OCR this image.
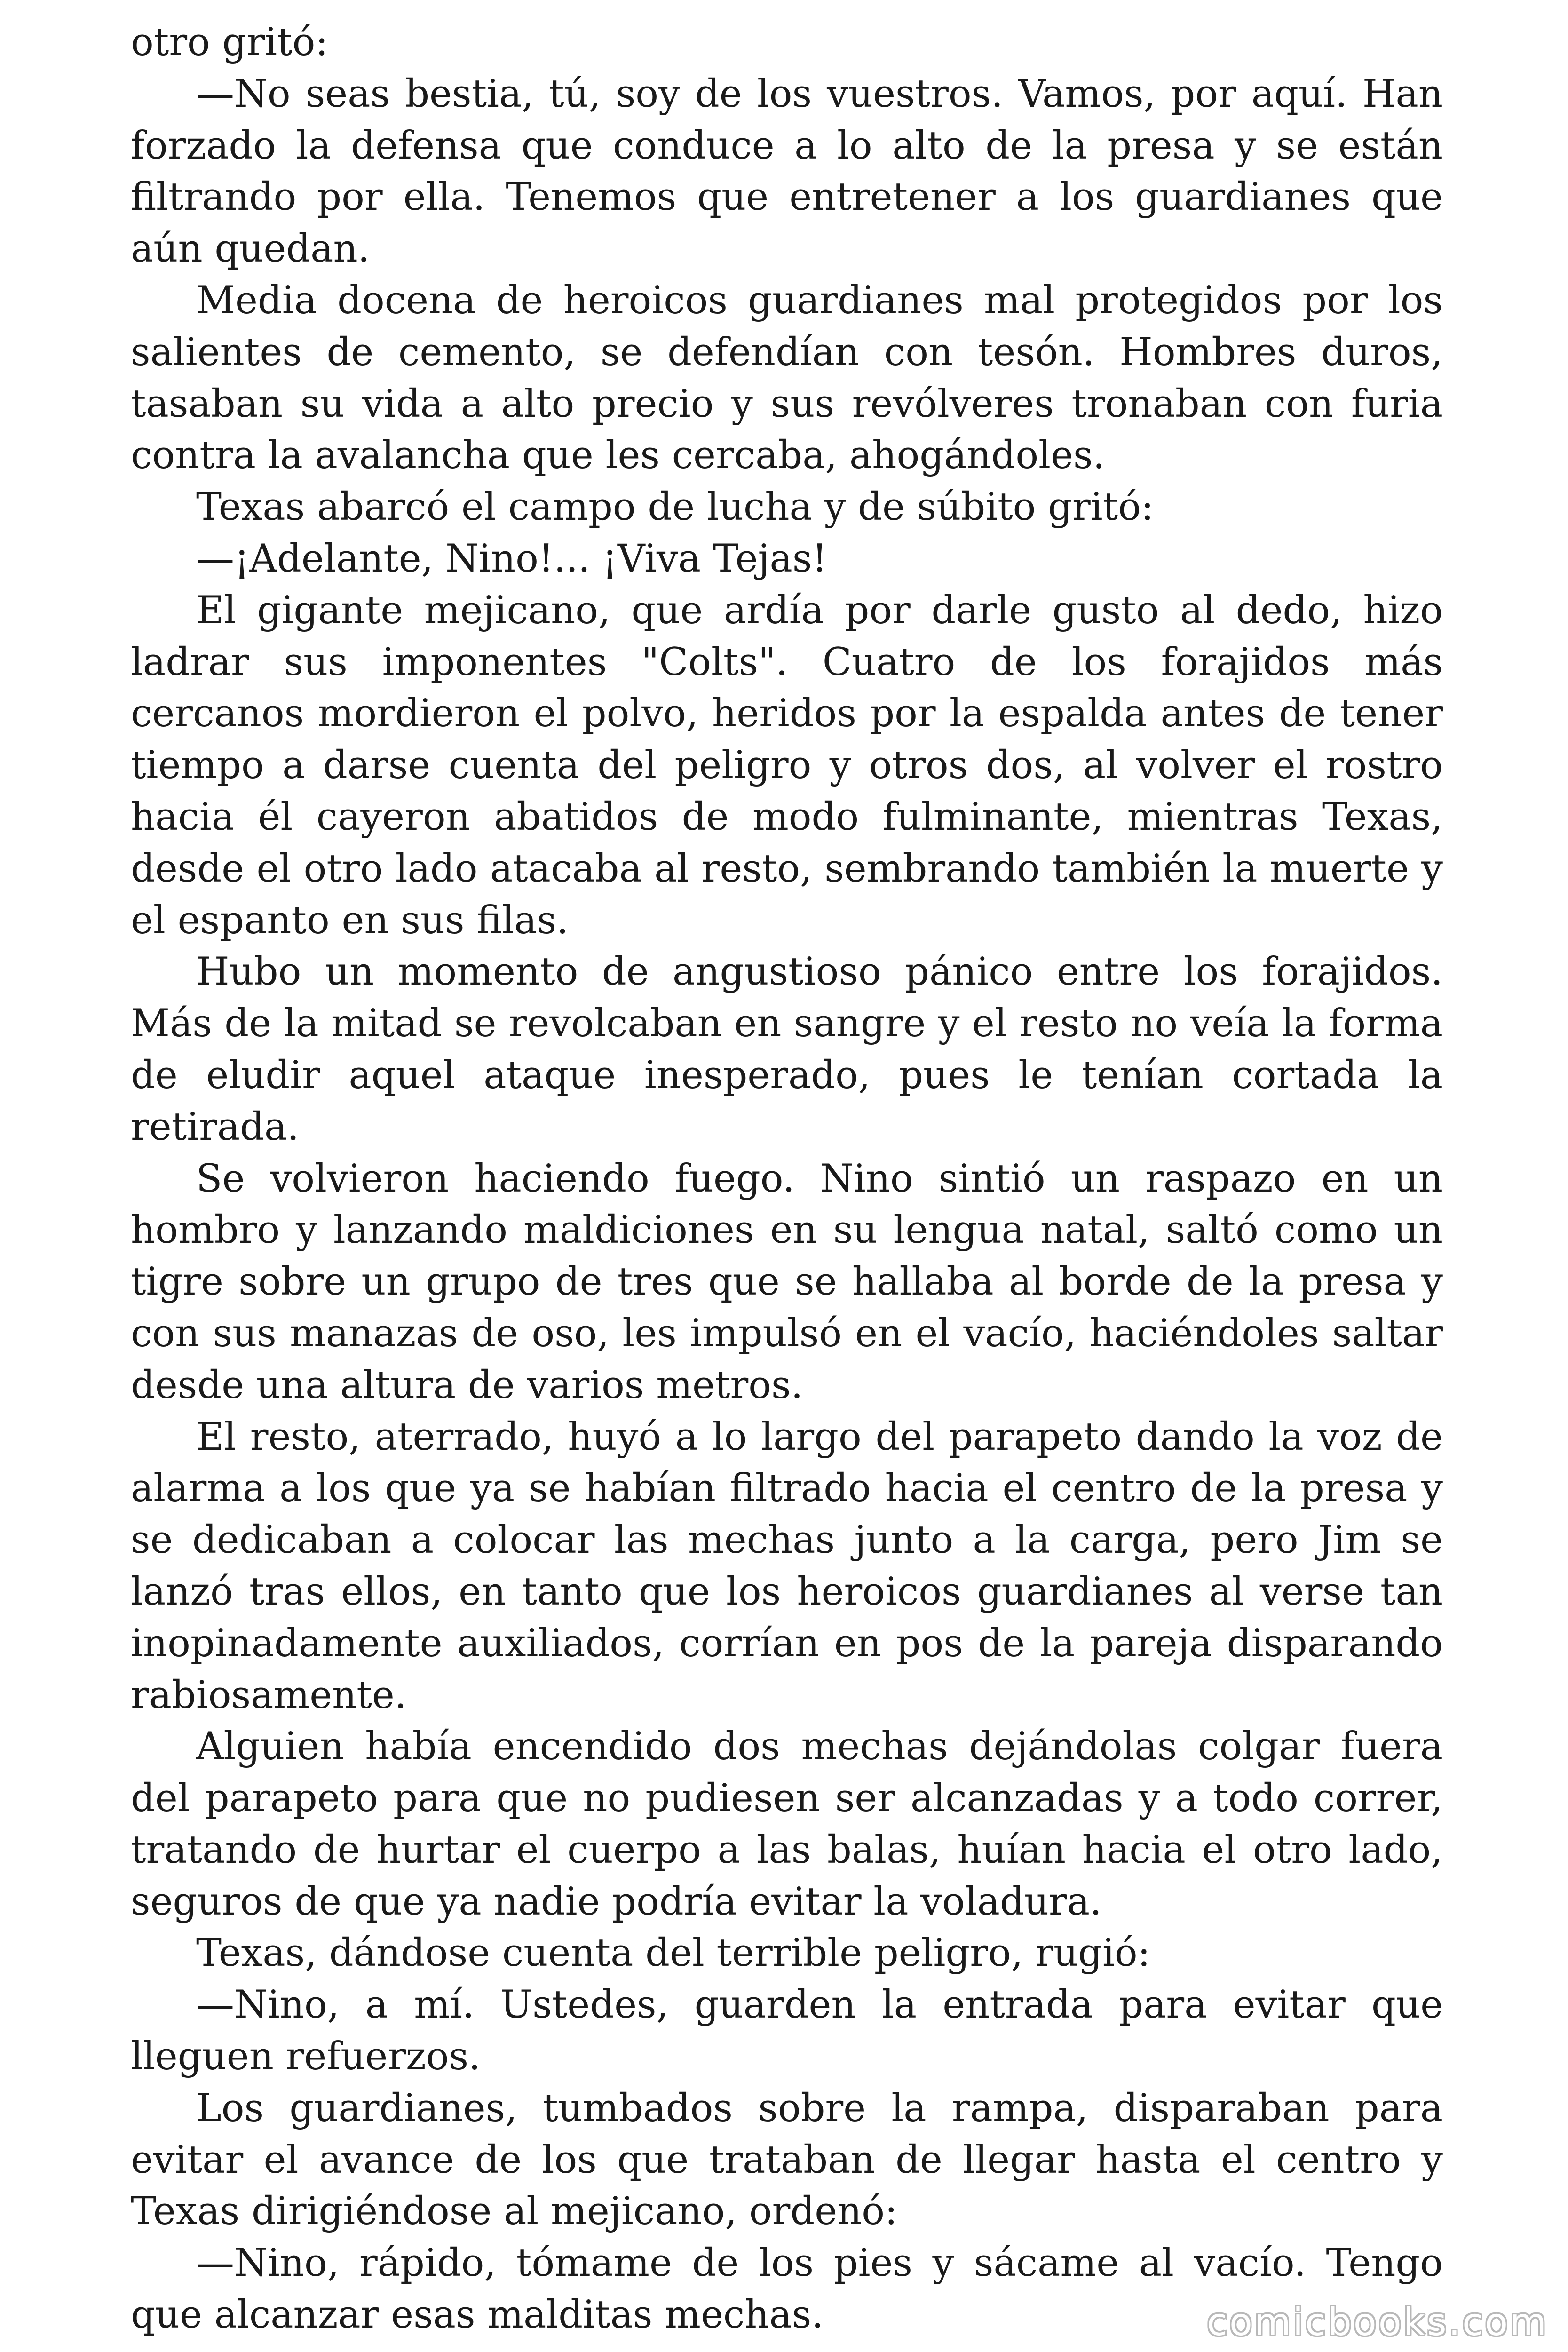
otro gritó:

—No seas bestia, tú, soy de los vuestros. Vamos, por aquí. Han forzado la defensa que conduce a lo alto de la presa y se están filtrando por ella. Tenemos que entretener a los guardianes que aún quedan.

Media docena de heroicos guardianes mal protegidos por los salientes de cemento, se defendían con tesón. Hombres duros, tasaban su vida a alto precio y sus revólveres tronaban con furia contra la avalancha que les cercaba, ahogándoles.

Texas abarcó el campo de lucha y de súbito gritó:

—¡Adelante, Nino!... ¡Viva Tejas!

El gigante mejicano, que ardía por darle gusto al dedo, hizo ladrar sus imponentes "Colts". Cuatro de los forajidos más cercanos mordieron el polvo, heridos por la espalda antes de tener tiempo a darse cuenta del peligro y otros dos, al volver el rostro hacia él cayeron abatidos de modo fulminante, mientras Texas, desde el otro lado atacaba al resto, sembrando también la muerte y el espanto en sus filas.

Hubo un momento de angustioso pánico entre los forajidos. Más de la mitad se revolcaban en sangre y el resto no veía la forma de eludir aquel ataque inesperado, pues le tenían cortada la retirada.

Se volvieron haciendo fuego. Nino sintió un raspazo en un hombro y lanzando maldiciones en su lengua natal, saltó como un tigre sobre un grupo de tres que se hallaba al borde de la presa y con sus manazas de oso, les impulsó en el vacío, haciéndoles saltar desde una altura de varios metros.

El resto, aterrado, huyó a lo largo del parapeto dando la voz de alarma a los que ya se habían filtrado hacia el centro de la presa y se dedicaban a colocar las mechas junto a la carga, pero Jim se lanzó tras ellos, en tanto que los heroicos guardianes al verse tan inopinadamente auxiliados, corrían en pos de la pareja disparando rabiosamente.

Alguien había encendido dos mechas dejándolas colgar fuera del parapeto para que no pudiesen ser alcanzadas y a todo correr, tratando de hurtar el cuerpo a las balas, huían hacia el otro lado, seguros de que ya nadie podría evitar la voladura.

Texas, dándose cuenta del terrible peligro, rugió:

—Nino, a mí. Ustedes, guarden la entrada para evitar que lleguen refuerzos.

Los guardianes, tumbados sobre la rampa, disparaban para evitar el avance de los que trataban de llegar hasta el centro y Texas dirigiéndose al mejicano, ordenó:

—Nino, rápido, tómame de los pies y sácame al vacío. Tengo que alcanzar esas malditas mechas.	comicbooks.com
